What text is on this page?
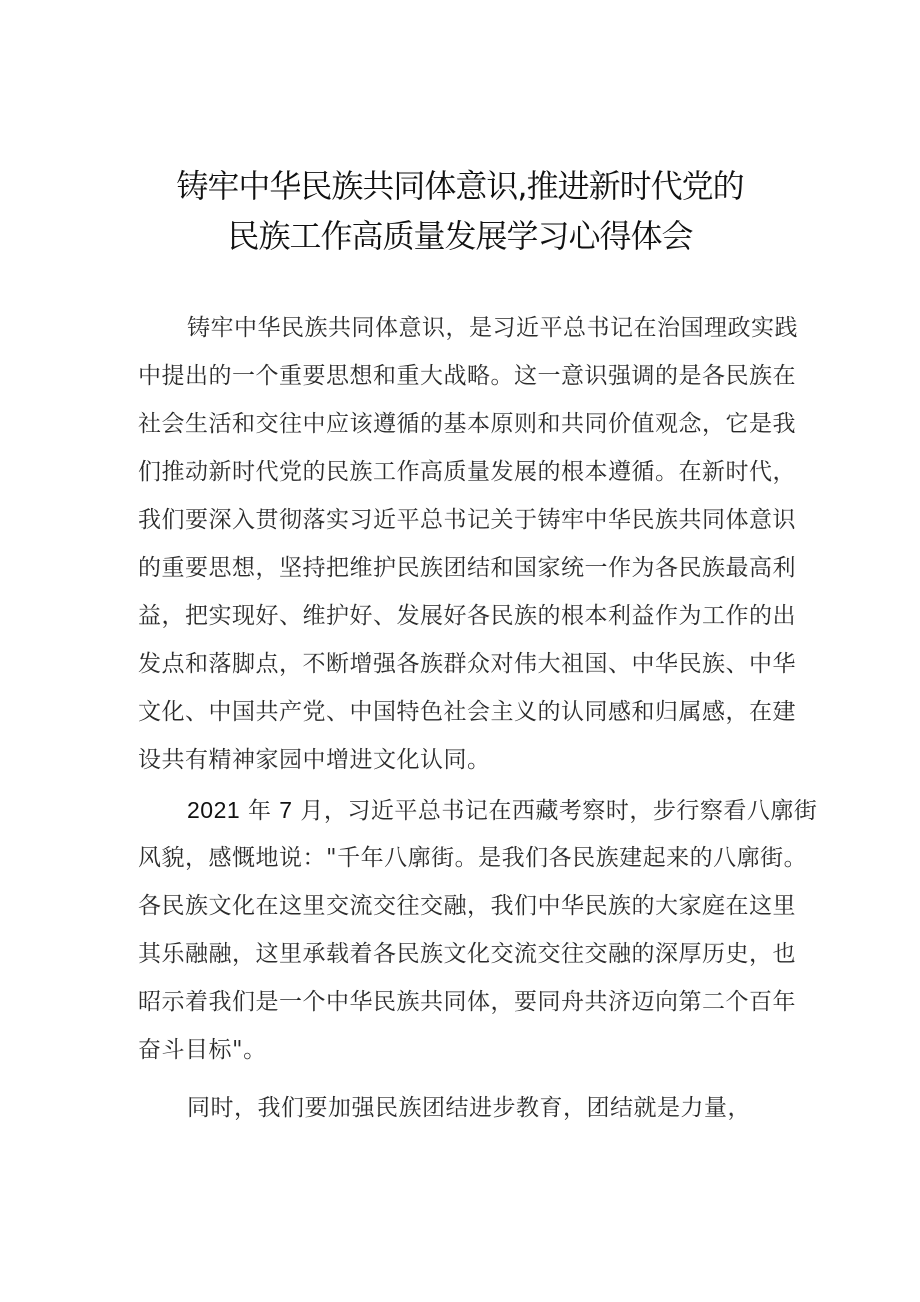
铸牢中华民族共同体意识,推进新时代党的
民族工作高质量发展学习心得体会
铸牢中华民族共同体意识，是习近平总书记在治国理政实践
中提出的一个重要思想和重大战略。这一意识强调的是各民族在
社会生活和交往中应该遵循的基本原则和共同价值观念，它是我
们推动新时代党的民族工作高质量发展的根本遵循。在新时代，
我们要深入贯彻落实习近平总书记关于铸牢中华民族共同体意识
的重要思想，坚持把维护民族团结和国家统一作为各民族最高利
益，把实现好、维护好、发展好各民族的根本利益作为工作的出
发点和落脚点，不断增强各族群众对伟大祖国、中华民族、中华
文化、中国共产党、中国特色社会主义的认同感和归属感，在建
设共有精神家园中增进文化认同。
2021 年 7 月，习近平总书记在西藏考察时，步行察看八廓街
风貌，感慨地说："千年八廓街。是我们各民族建起来的八廓街。
各民族文化在这里交流交往交融，我们中华民族的大家庭在这里
其乐融融，这里承载着各民族文化交流交往交融的深厚历史，也
昭示着我们是一个中华民族共同体，要同舟共济迈向第二个百年
奋斗目标"。
同时，我们要加强民族团结进步教育，团结就是力量，
